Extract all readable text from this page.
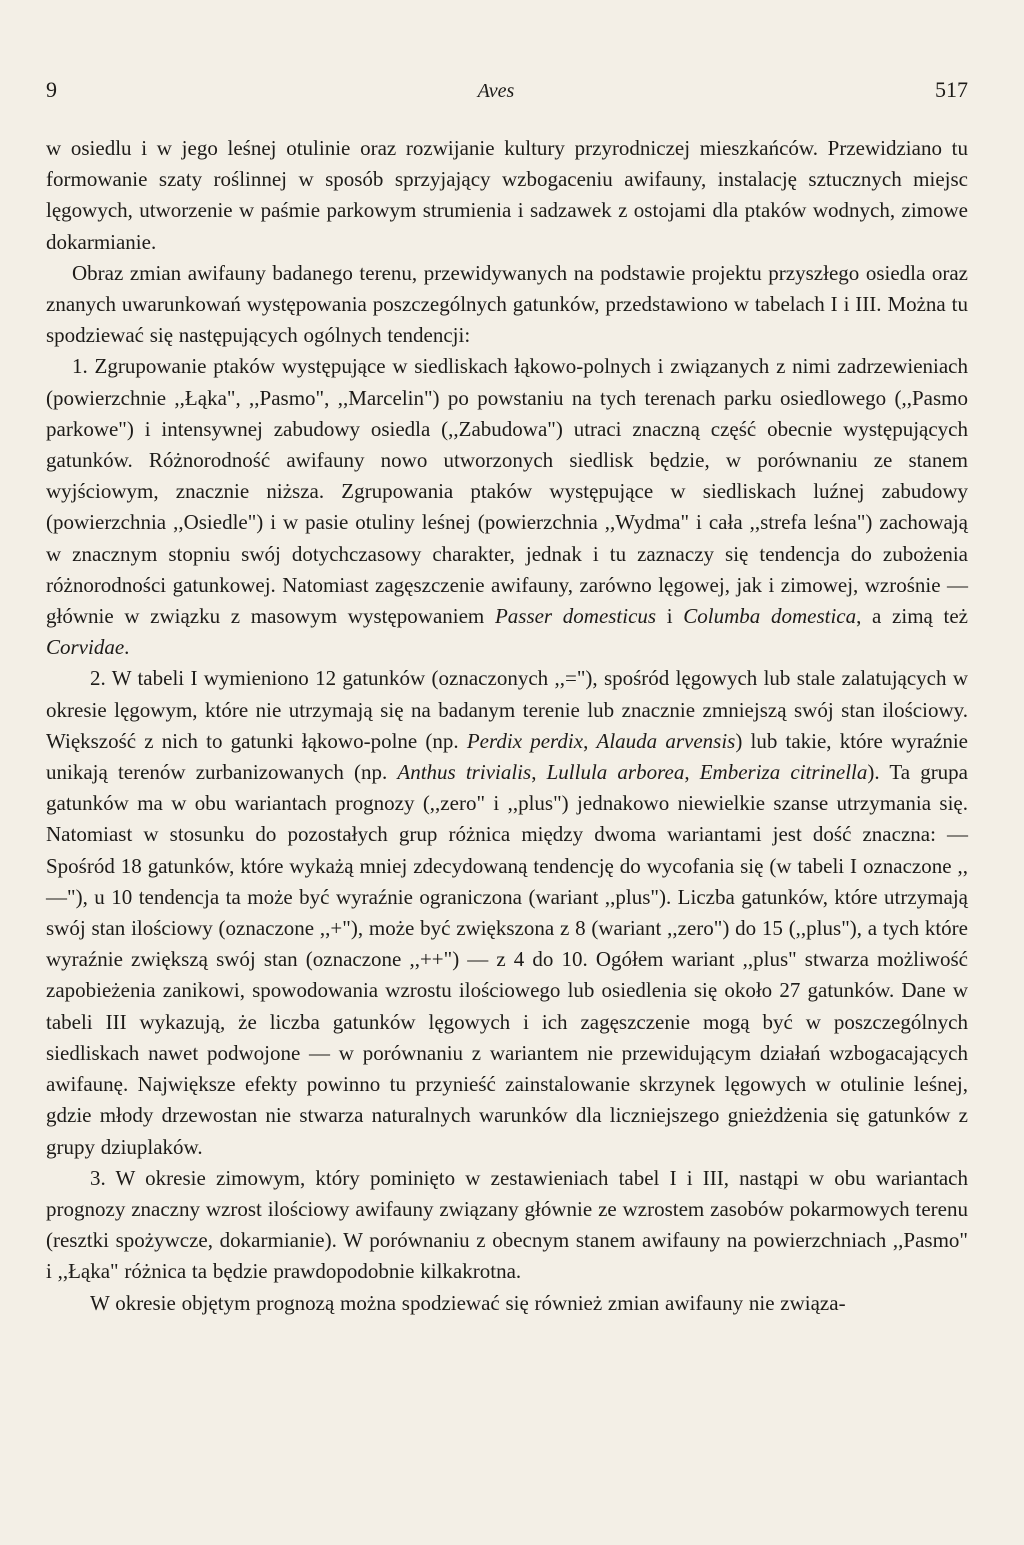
9	Aves	517

w osiedlu i w jego leśnej otulinie oraz rozwijanie kultury przyrodniczej mieszkańców. Przewidziano tu formowanie szaty roślinnej w sposób sprzyjający wzbogaceniu awifauny, instalację sztucznych miejsc lęgowych, utworzenie w paśmie parkowym strumienia i sadzawek z ostojami dla ptaków wodnych, zimowe dokarmianie.

Obraz zmian awifauny badanego terenu, przewidywanych na podstawie projektu przyszłego osiedla oraz znanych uwarunkowań występowania poszczególnych gatunków, przedstawiono w tabelach I i III. Można tu spodziewać się następujących ogólnych tendencji:

1. Zgrupowanie ptaków występujące w siedliskach łąkowo-polnych i związanych z nimi zadrzewieniach (powierzchnie ,,Łąka", ,,Pasmo", ,,Marcelin") po powstaniu na tych terenach parku osiedlowego (,,Pasmo parkowe") i intensywnej zabudowy osiedla (,,Zabudowa") utraci znaczną część obecnie występujących gatunków. Różnorodność awifauny nowo utworzonych siedlisk będzie, w porównaniu ze stanem wyjściowym, znacznie niższa. Zgrupowania ptaków występujące w siedliskach luźnej zabudowy (powierzchnia ,,Osiedle") i w pasie otuliny leśnej (powierzchnia ,,Wydma" i cała ,,strefa leśna") zachowają w znacznym stopniu swój dotychczasowy charakter, jednak i tu zaznaczy się tendencja do zubożenia różnorodności gatunkowej. Natomiast zagęszczenie awifauny, zarówno lęgowej, jak i zimowej, wzrośnie — głównie w związku z masowym występowaniem Passer domesticus i Columba domestica, a zimą też Corvidae.

2. W tabeli I wymieniono 12 gatunków (oznaczonych ,,="), spośród lęgowych lub stale zalatujących w okresie lęgowym, które nie utrzymają się na badanym terenie lub znacznie zmniejszą swój stan ilościowy. Większość z nich to gatunki łąkowo-polne (np. Perdix perdix, Alauda arvensis) lub takie, które wyraźnie unikają terenów zurbanizowanych (np. Anthus trivialis, Lullula arborea, Emberiza citrinella). Ta grupa gatunków ma w obu wariantach prognozy (,,zero" i ,,plus") jednakowo niewielkie szanse utrzymania się. Natomiast w stosunku do pozostałych grup różnica między dwoma wariantami jest dość znaczna: — Spośród 18 gatunków, które wykażą mniej zdecydowaną tendencję do wycofania się (w tabeli I oznaczone ,,—"), u 10 tendencja ta może być wyraźnie ograniczona (wariant ,,plus"). Liczba gatunków, które utrzymają swój stan ilościowy (oznaczone ,,+"), może być zwiększona z 8 (wariant ,,zero") do 15 (,,plus"), a tych które wyraźnie zwiększą swój stan (oznaczone ,,++") — z 4 do 10. Ogółem wariant ,,plus" stwarza możliwość zapobieżenia zanikowi, spowodowania wzrostu ilościowego lub osiedlenia się około 27 gatunków. Dane w tabeli III wykazują, że liczba gatunków lęgowych i ich zagęszczenie mogą być w poszczególnych siedliskach nawet podwojone — w porównaniu z wariantem nie przewidującym działań wzbogacających awifaunę. Największe efekty powinno tu przynieść zainstalowanie skrzynek lęgowych w otulinie leśnej, gdzie młody drzewostan nie stwarza naturalnych warunków dla liczniejszego gnieżdżenia się gatunków z grupy dziuplaków.

3. W okresie zimowym, który pominięto w zestawieniach tabel I i III, nastąpi w obu wariantach prognozy znaczny wzrost ilościowy awifauny związany głównie ze wzrostem zasobów pokarmowych terenu (resztki spożywcze, dokarmianie). W porównaniu z obecnym stanem awifauny na powierzchniach ,,Pasmo" i ,,Łąka" różnica ta będzie prawdopodobnie kilkakrotna.

W okresie objętym prognozą można spodziewać się również zmian awifauny nie związa-
